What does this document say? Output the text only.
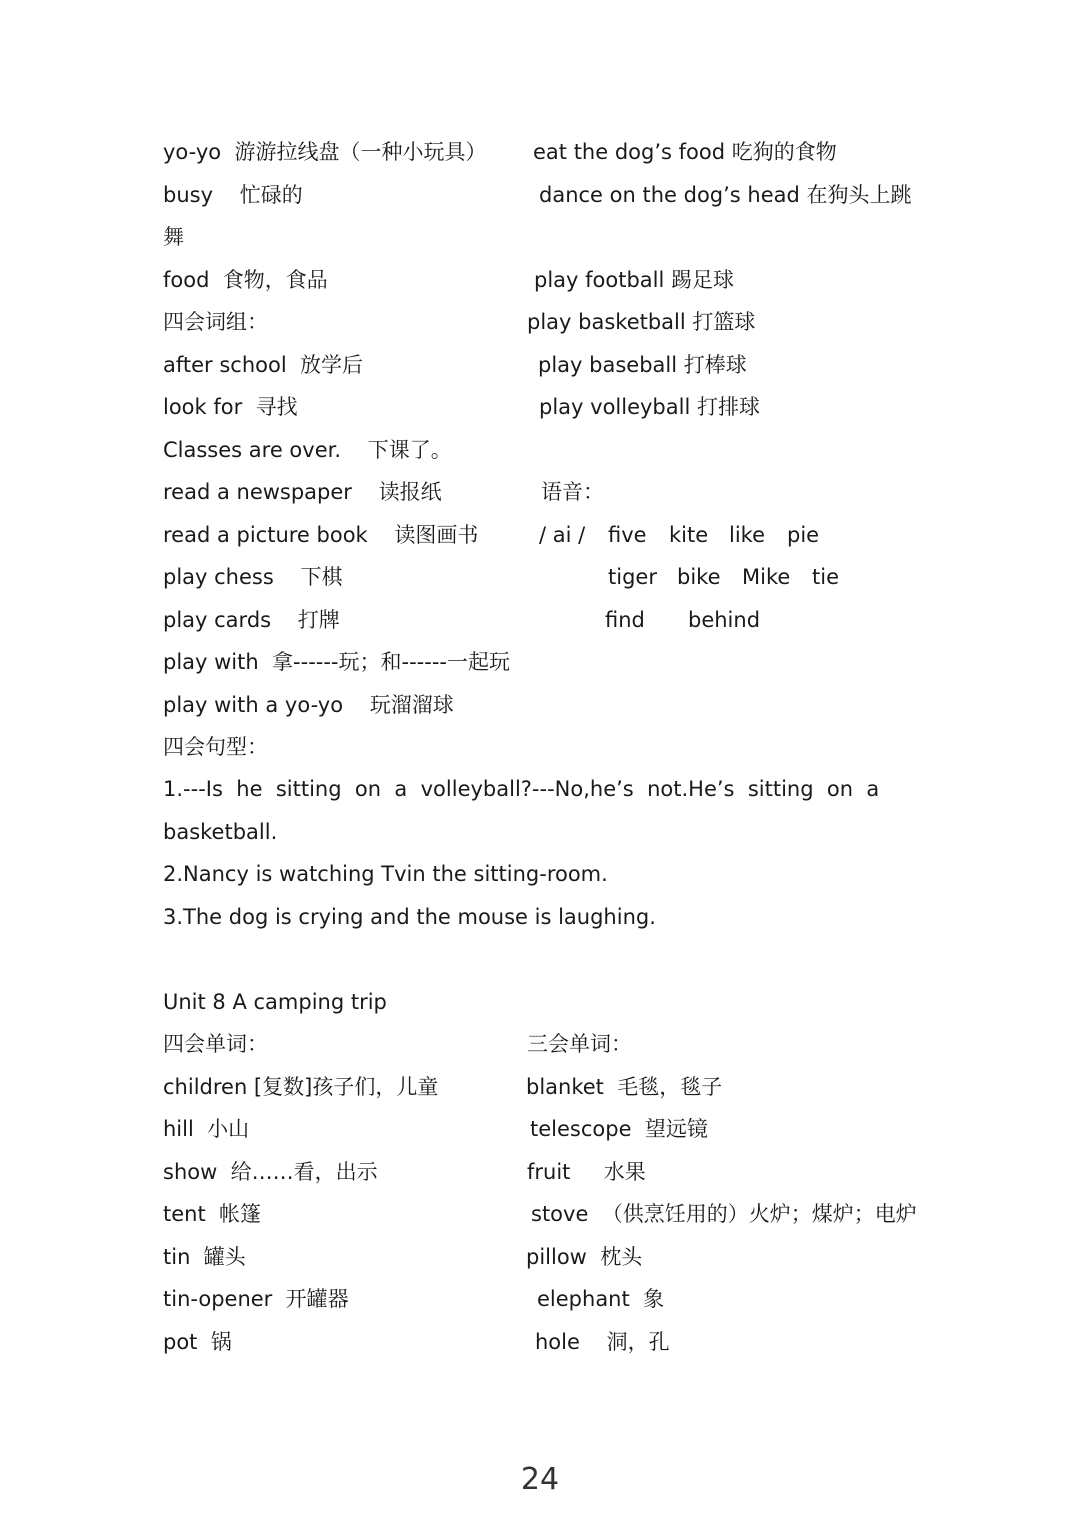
yo-yo  游游拉线盘（一种小玩具）
busy    忙碌的
舞
food  食物，食品
四会词组：
after school  放学后
look for  寻找
Classes are over.    下课了。
read a newspaper    读报纸
read a picture book    读图画书
play chess    下棋
play cards    打牌
play with  拿------玩；和------一起玩
play with a yo-yo    玩溜溜球
四会句型：
eat the dog’s food 吃狗的食物
dance on the dog’s head 在狗头上跳
play football 踢足球
play basketball 打篮球
play baseball 打棒球
play volleyball 打排球
语音：
/ ai / five kite like pie
tiger bike Mike tie
find behind
1.---Is  he  sitting  on  a  volleyball?---No,he’s  not.He’s  sitting  on  a
basketball.
2.Nancy is watching Tvin the sitting-room.
3.The dog is crying and the mouse is laughing.
Unit 8 A camping trip
四会单词：	三会单词：
children [复数]孩子们，儿童
hill  小山
show  给……看，出示
tent  帐篷
tin  罐头
tin-opener  开罐器
pot  锅
blanket  毛毯，毯子
telescope  望远镜
fruit     水果
stove  （供烹饪用的）火炉；煤炉；电炉
pillow  枕头
elephant  象
hole    洞，孔
24
